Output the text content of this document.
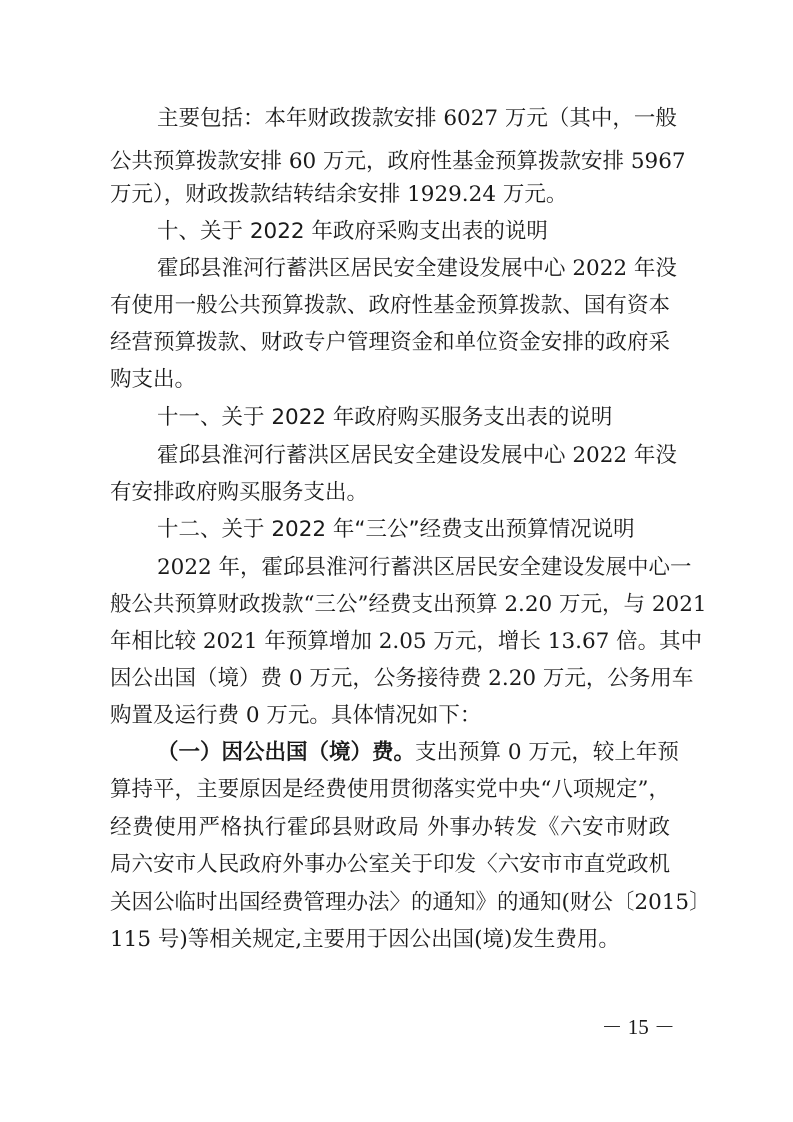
主要包括：本年财政拨款安排 6027 万元（其中，一般

公共预算拨款安排 60 万元，政府性基金预算拨款安排 5967

万元），财政拨款结转结余安排 1929.24 万元。

十、关于 2022 年政府采购支出表的说明

霍邱县淮河行蓄洪区居民安全建设发展中心 2022 年没

有使用一般公共预算拨款、政府性基金预算拨款、国有资本

经营预算拨款、财政专户管理资金和单位资金安排的政府采

购支出。

十一、关于 2022 年政府购买服务支出表的说明

霍邱县淮河行蓄洪区居民安全建设发展中心 2022 年没

有安排政府购买服务支出。

十二、关于 2022 年“三公”经费支出预算情况说明

2022 年，霍邱县淮河行蓄洪区居民安全建设发展中心一

般公共预算财政拨款“三公”经费支出预算 2.20 万元，与 2021

年相比较 2021 年预算增加 2.05 万元，增长 13.67 倍。其中

因公出国（境）费 0 万元，公务接待费 2.20 万元，公务用车

购置及运行费 0 万元。具体情况如下：

（一）因公出国（境）费。支出预算 0 万元，较上年预

算持平，主要原因是经费使用贯彻落实党中央“八项规定”，

经费使用严格执行霍邱县财政局 外事办转发《六安市财政

局六安市人民政府外事办公室关于印发〈六安市市直党政机

关因公临时出国经费管理办法〉的通知》的通知(财公〔2015〕

115 号)等相关规定,主要用于因公出国(境)发生费用。

－ 15 －
